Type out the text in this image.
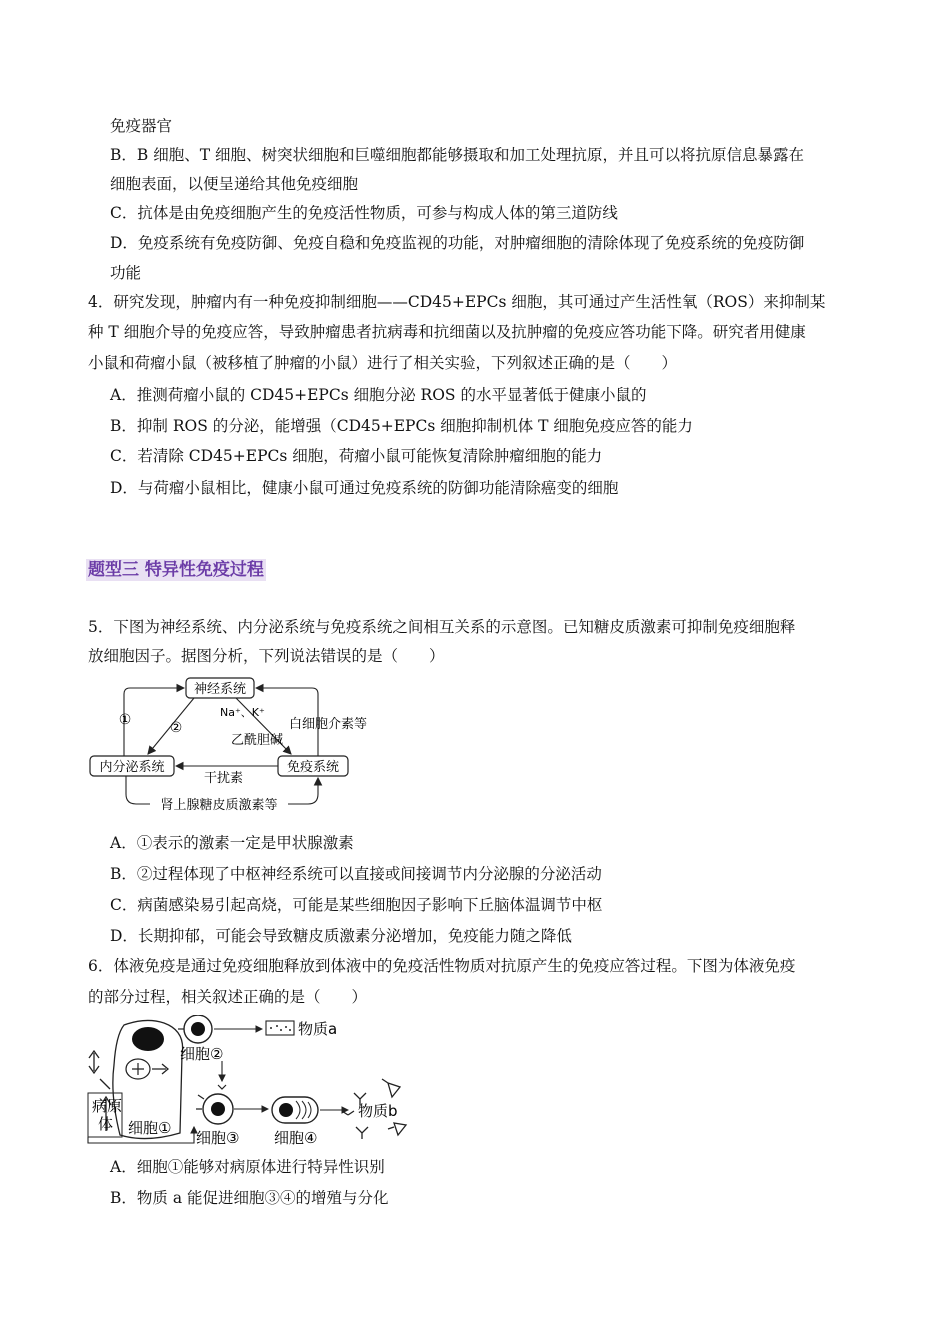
免疫器官
B．B 细胞、T 细胞、树突状细胞和巨噬细胞都能够摄取和加工处理抗原，并且可以将抗原信息暴露在
细胞表面，以便呈递给其他免疫细胞
C．抗体是由免疫细胞产生的免疫活性物质，可参与构成人体的第三道防线
D．免疫系统有免疫防御、免疫自稳和免疫监视的功能，对肿瘤细胞的清除体现了免疫系统的免疫防御
功能
4．研究发现，肿瘤内有一种免疫抑制细胞——CD45+EPCs 细胞，其可通过产生活性氧（ROS）来抑制某
种 T 细胞介导的免疫应答，导致肿瘤患者抗病毒和抗细菌以及抗肿瘤的免疫应答功能下降。研究者用健康
小鼠和荷瘤小鼠（被移植了肿瘤的小鼠）进行了相关实验，下列叙述正确的是（　　）
A．推测荷瘤小鼠的 CD45+EPCs 细胞分泌 ROS 的水平显著低于健康小鼠的
B．抑制 ROS 的分泌，能增强（CD45+EPCs 细胞抑制机体 T 细胞免疫应答的能力
C．若清除 CD45+EPCs 细胞，荷瘤小鼠可能恢复清除肿瘤细胞的能力
D．与荷瘤小鼠相比，健康小鼠可通过免疫系统的防御功能清除癌变的细胞
题型三 特异性免疫过程
5．下图为神经系统、内分泌系统与免疫系统之间相互关系的示意图。已知糖皮质激素可抑制免疫细胞释
放细胞因子。据图分析，下列说法错误的是（　　）
神经系统
内分泌系统	免疫系统
①	②
Na⁺、K⁺
乙酰胆碱
白细胞介素等
干扰素
肾上腺糖皮质激素等
A．①表示的激素一定是甲状腺激素
B．②过程体现了中枢神经系统可以直接或间接调节内分泌腺的分泌活动
C．病菌感染易引起高烧，可能是某些细胞因子影响下丘脑体温调节中枢
D．长期抑郁，可能会导致糖皮质激素分泌增加，免疫能力随之降低
6．体液免疫是通过免疫细胞释放到体液中的免疫活性物质对抗原产生的免疫应答过程。下图为体液免疫
的部分过程，相关叙述正确的是（　　）
物质a
细胞②
物质b
病原
体 细胞①
细胞③ 细胞④
A．细胞①能够对病原体进行特异性识别
B．物质 a 能促进细胞③④的增殖与分化
